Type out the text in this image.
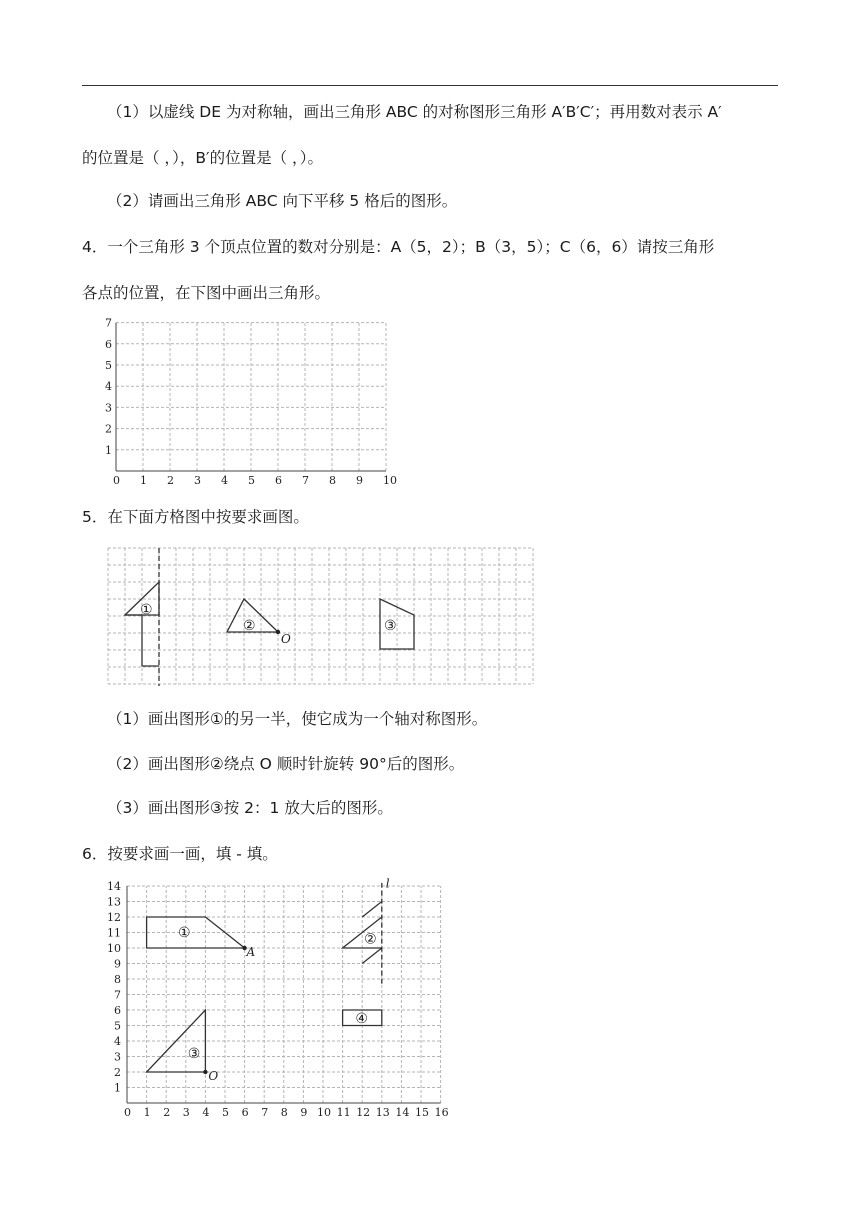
（1）以虚线 DE 为对称轴，画出三角形 ABC 的对称图形三角形 A′B′C′；再用数对表示 A′
的位置是（ ，），B′的位置是（ ，）。
（2）请画出三角形 ABC 向下平移 5 格后的图形。
4．一个三角形 3 个顶点位置的数对分别是：A（5，2）；B（3，5）；C（6，6）请按三角形
各点的位置，在下图中画出三角形。
0 1 2 3 4 5 6 7 8 9 10
1
2
3
4
5
6
7
5．在下面方格图中按要求画图。
①
②	③
O
（1）画出图形①的另一半，使它成为一个轴对称图形。
（2）画出图形②绕点 O 顺时针旋转 90°后的图形。
（3）画出图形③按 2：1 放大后的图形。
6．按要求画一画，填 - 填。
0 1 2 3 4 5 6 7 8 9 10 11 12 13 14 15 16
1
2
3
4
5
6
7
8
9
10
11
12
13
14
①	②
③
④
A
O
l
